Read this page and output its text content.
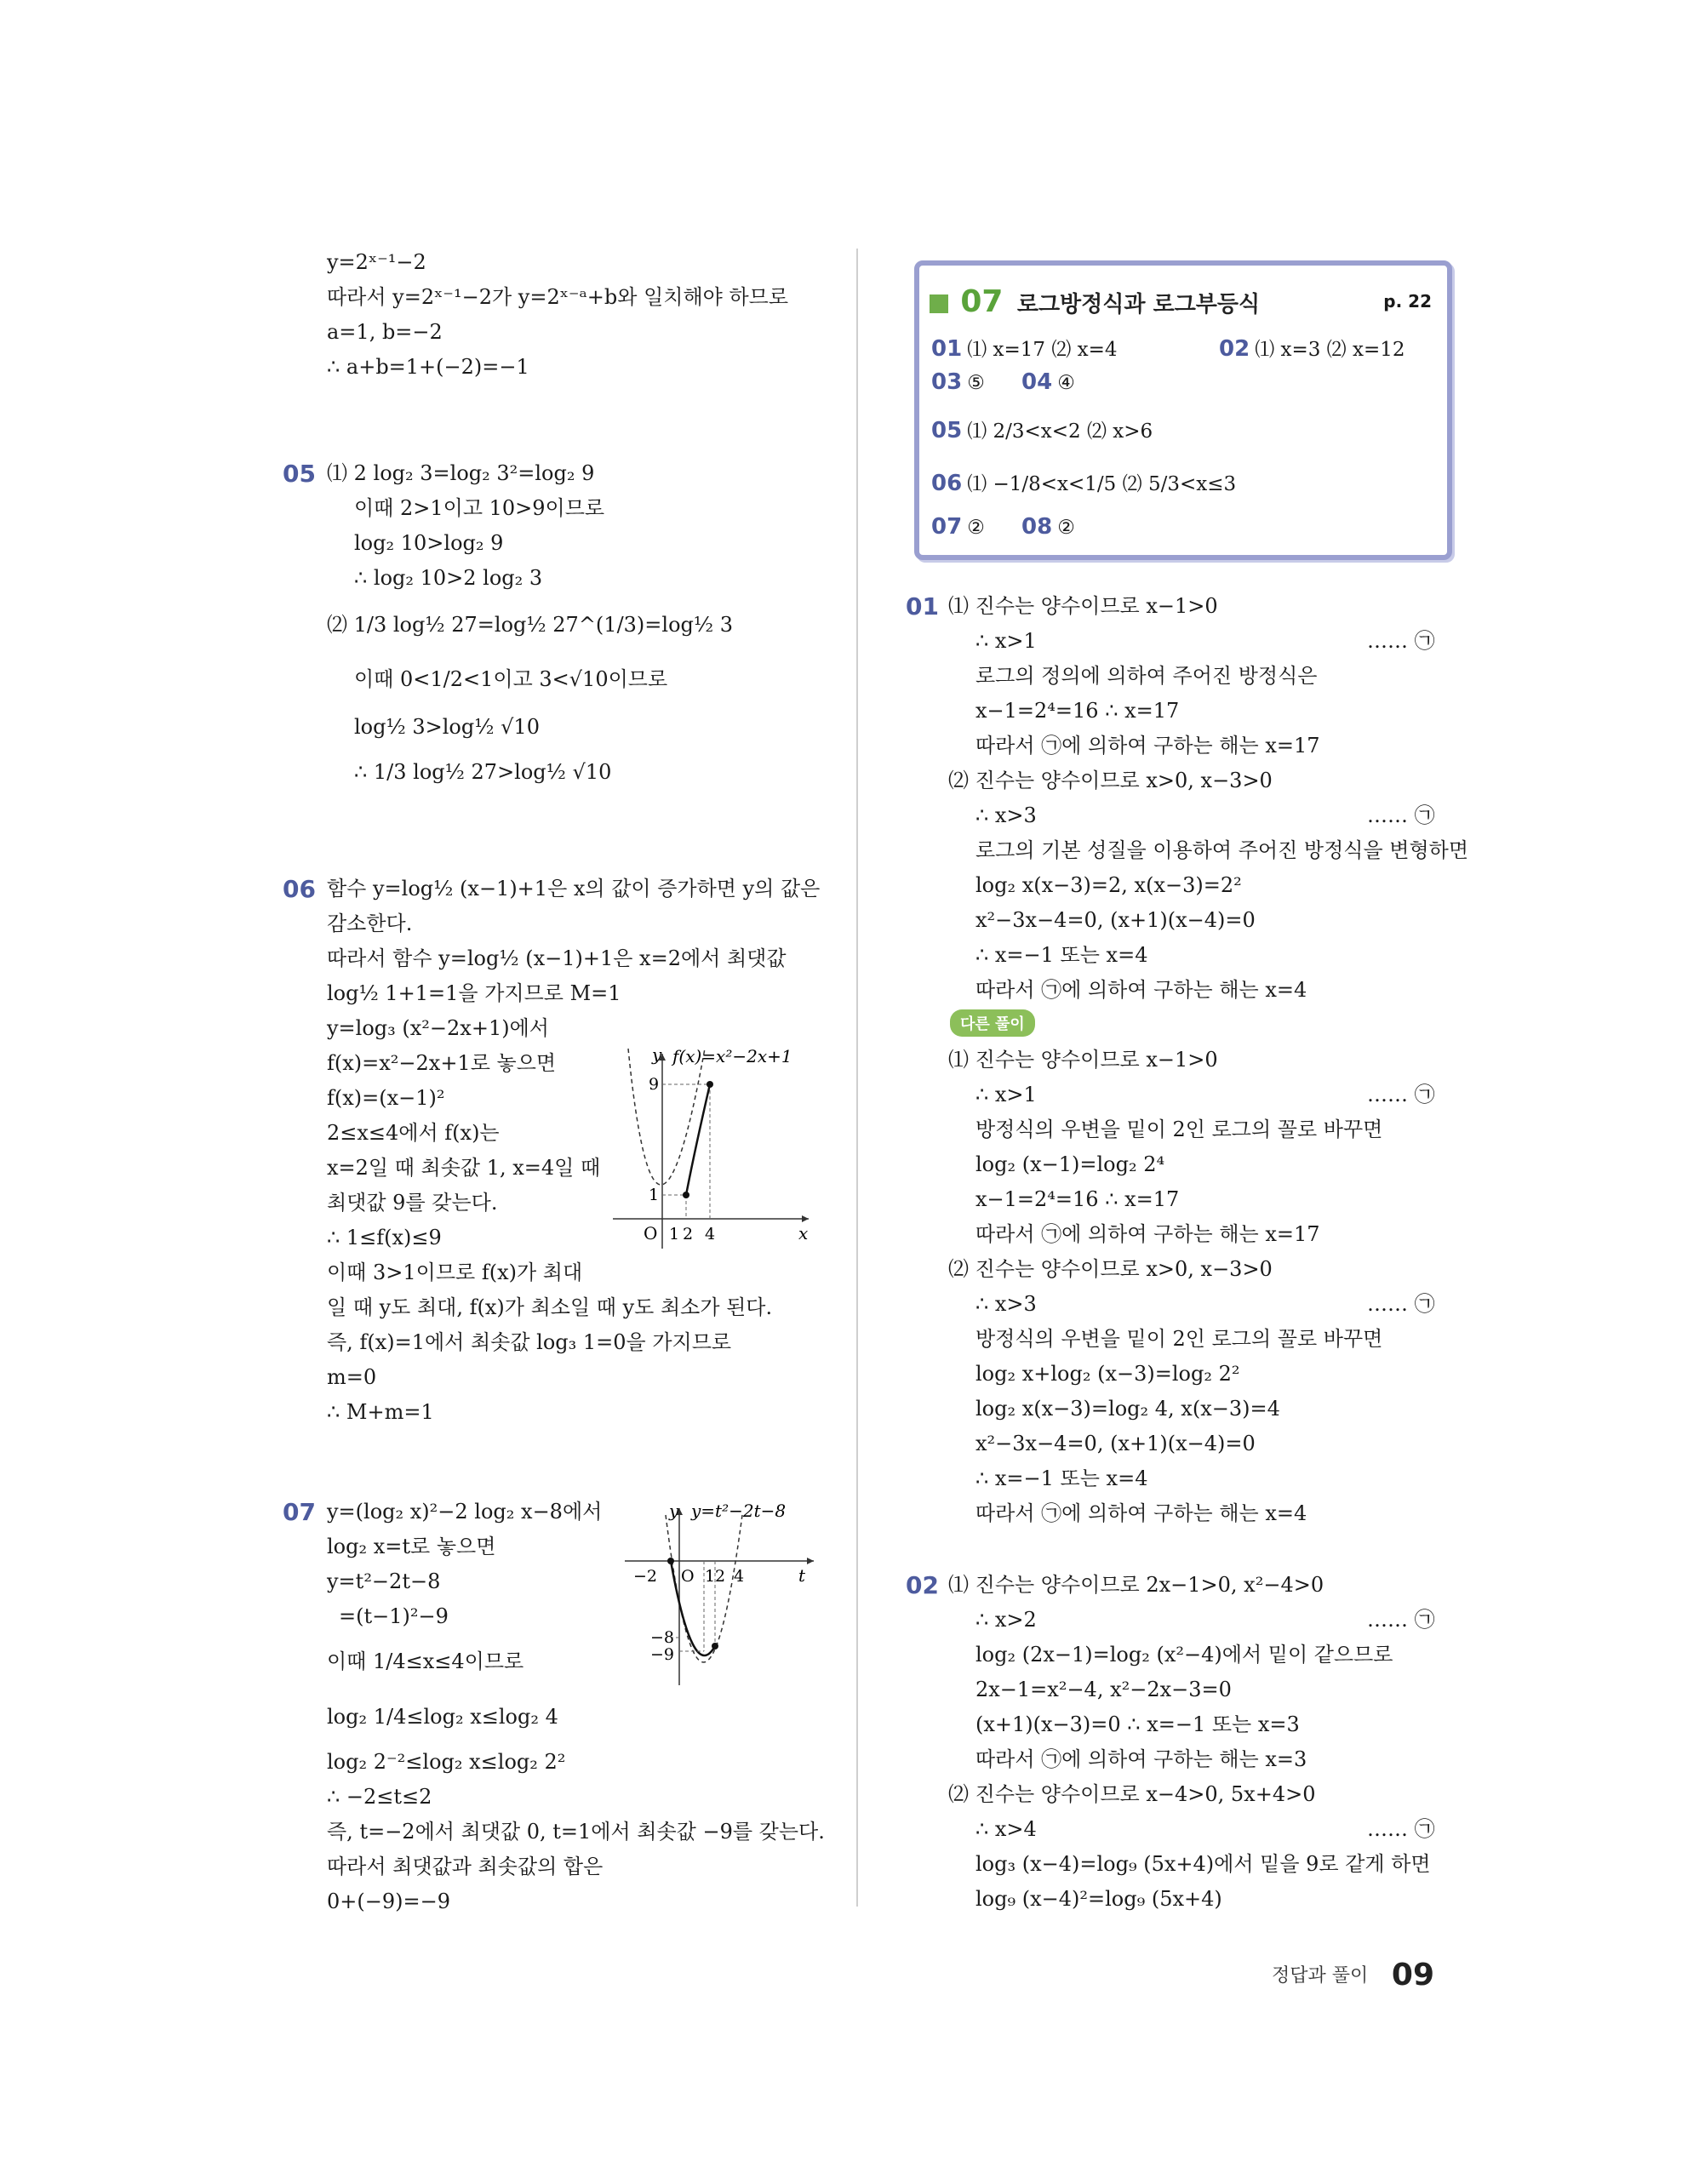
y=2ˣ⁻¹−2
따라서 y=2ˣ⁻¹−2가 y=2ˣ⁻ᵃ+b와 일치해야 하므로
a=1, b=−2
∴ a+b=1+(−2)=−1
05 ⑴ 2 log₂ 3=log₂ 3²=log₂ 9
이때 2>1이고 10>9이므로
log₂ 10>log₂ 9
∴ log₂ 10>2 log₂ 3
⑵ 1/3 log½ 27=log½ 27^(1/3)=log½ 3
이때 0<1/2<1이고 3<√10이므로
log½ 3>log½ √10
∴ 1/3 log½ 27>log½ √10
06 함수 y=log½ (x−1)+1은 x의 값이 증가하면 y의 값은
감소한다.
따라서 함수 y=log½ (x−1)+1은 x=2에서 최댓값
log½ 1+1=1을 가지므로 M=1
y=log₃ (x²−2x+1)에서
f(x)=x²−2x+1로 놓으면
f(x)=(x−1)²
2≤x≤4에서 f(x)는
x=2일 때 최솟값 1, x=4일 때
최댓값 9를 갖는다.
∴ 1≤f(x)≤9
이때 3>1이므로 f(x)가 최대
일 때 y도 최대, f(x)가 최소일 때 y도 최소가 된다.
즉, f(x)=1에서 최솟값 log₃ 1=0을 가지므로
m=0
∴ M+m=1
y f(x)=x²−2x+1
x
O
9
1
1 2 4
07 y=(log₂ x)²−2 log₂ x−8에서
log₂ x=t로 놓으면
y=t²−2t−8
=(t−1)²−9
이때 1/4≤x≤4이므로
log₂ 1/4≤log₂ x≤log₂ 4
log₂ 2⁻²≤log₂ x≤log₂ 2²
∴ −2≤t≤2
즉, t=−2에서 최댓값 0, t=1에서 최솟값 −9를 갖는다.
따라서 최댓값과 최솟값의 합은
0+(−9)=−9
y y=t²−2t−8
t
−2 O 1 2 4
−8
−9
07 로그방정식과 로그부등식	p. 22
01 ⑴ x=17 ⑵ x=4	02 ⑴ x=3 ⑵ x=12
03 ⑤ 04 ④
05 ⑴ 2/3<x<2 ⑵ x>6
06 ⑴ −1/8<x<1/5 ⑵ 5/3<x≤3
07 ② 08 ②
01 ⑴ 진수는 양수이므로 x−1>0
∴ x>1	…… ㉠
로그의 정의에 의하여 주어진 방정식은
x−1=2⁴=16 ∴ x=17
따라서 ㉠에 의하여 구하는 해는 x=17
⑵ 진수는 양수이므로 x>0, x−3>0
∴ x>3	…… ㉠
로그의 기본 성질을 이용하여 주어진 방정식을 변형하면
log₂ x(x−3)=2, x(x−3)=2²
x²−3x−4=0, (x+1)(x−4)=0
∴ x=−1 또는 x=4
따라서 ㉠에 의하여 구하는 해는 x=4
다른 풀이
⑴ 진수는 양수이므로 x−1>0
∴ x>1	…… ㉠
방정식의 우변을 밑이 2인 로그의 꼴로 바꾸면
log₂ (x−1)=log₂ 2⁴
x−1=2⁴=16 ∴ x=17
따라서 ㉠에 의하여 구하는 해는 x=17
⑵ 진수는 양수이므로 x>0, x−3>0
∴ x>3	…… ㉠
방정식의 우변을 밑이 2인 로그의 꼴로 바꾸면
log₂ x+log₂ (x−3)=log₂ 2²
log₂ x(x−3)=log₂ 4, x(x−3)=4
x²−3x−4=0, (x+1)(x−4)=0
∴ x=−1 또는 x=4
따라서 ㉠에 의하여 구하는 해는 x=4
02 ⑴ 진수는 양수이므로 2x−1>0, x²−4>0
∴ x>2	…… ㉠
log₂ (2x−1)=log₂ (x²−4)에서 밑이 같으므로
2x−1=x²−4, x²−2x−3=0
(x+1)(x−3)=0 ∴ x=−1 또는 x=3
따라서 ㉠에 의하여 구하는 해는 x=3
⑵ 진수는 양수이므로 x−4>0, 5x+4>0
∴ x>4	…… ㉠
log₃ (x−4)=log₉ (5x+4)에서 밑을 9로 같게 하면
log₉ (x−4)²=log₉ (5x+4)
정답과 풀이 09
